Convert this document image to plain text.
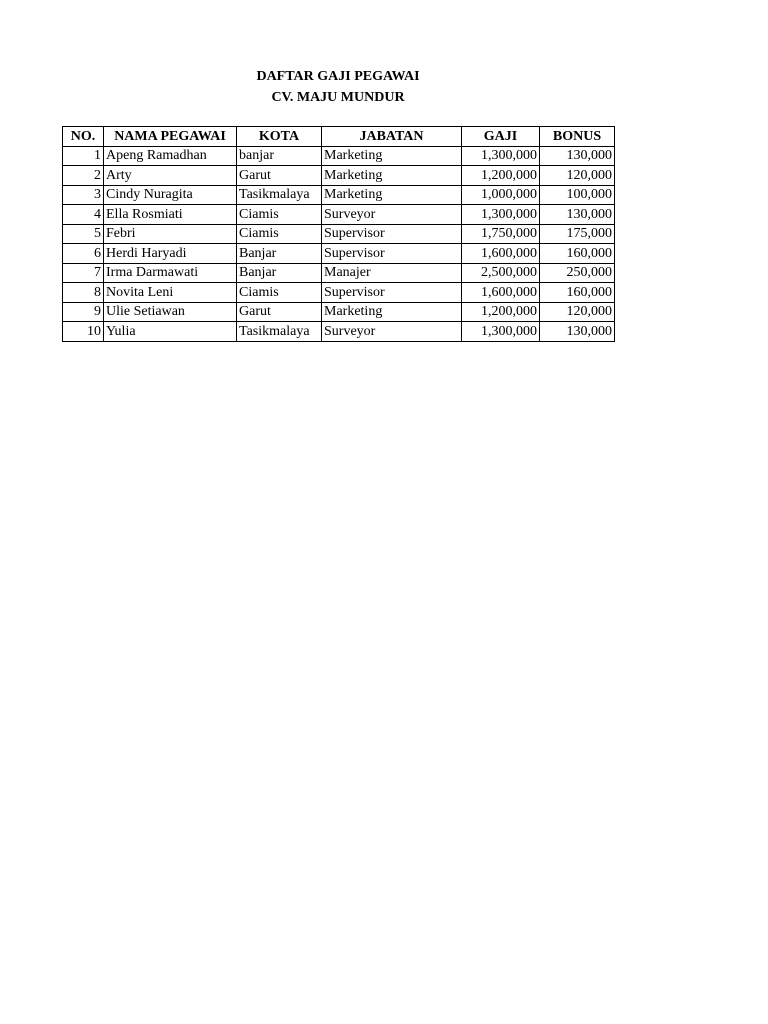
DAFTAR GAJI PEGAWAI
CV. MAJU MUNDUR
NO.	NAMA PEGAWAI	KOTA	JABATAN	GAJI	BONUS
1	Apeng Ramadhan	banjar	Marketing	1,300,000	130,000
2	Arty	Garut	Marketing	1,200,000	120,000
3	Cindy Nuragita	Tasikmalaya	Marketing	1,000,000	100,000
4	Ella Rosmiati	Ciamis	Surveyor	1,300,000	130,000
5	Febri	Ciamis	Supervisor	1,750,000	175,000
6	Herdi Haryadi	Banjar	Supervisor	1,600,000	160,000
7	Irma Darmawati	Banjar	Manajer	2,500,000	250,000
8	Novita Leni	Ciamis	Supervisor	1,600,000	160,000
9	Ulie Setiawan	Garut	Marketing	1,200,000	120,000
10	Yulia	Tasikmalaya	Surveyor	1,300,000	130,000
